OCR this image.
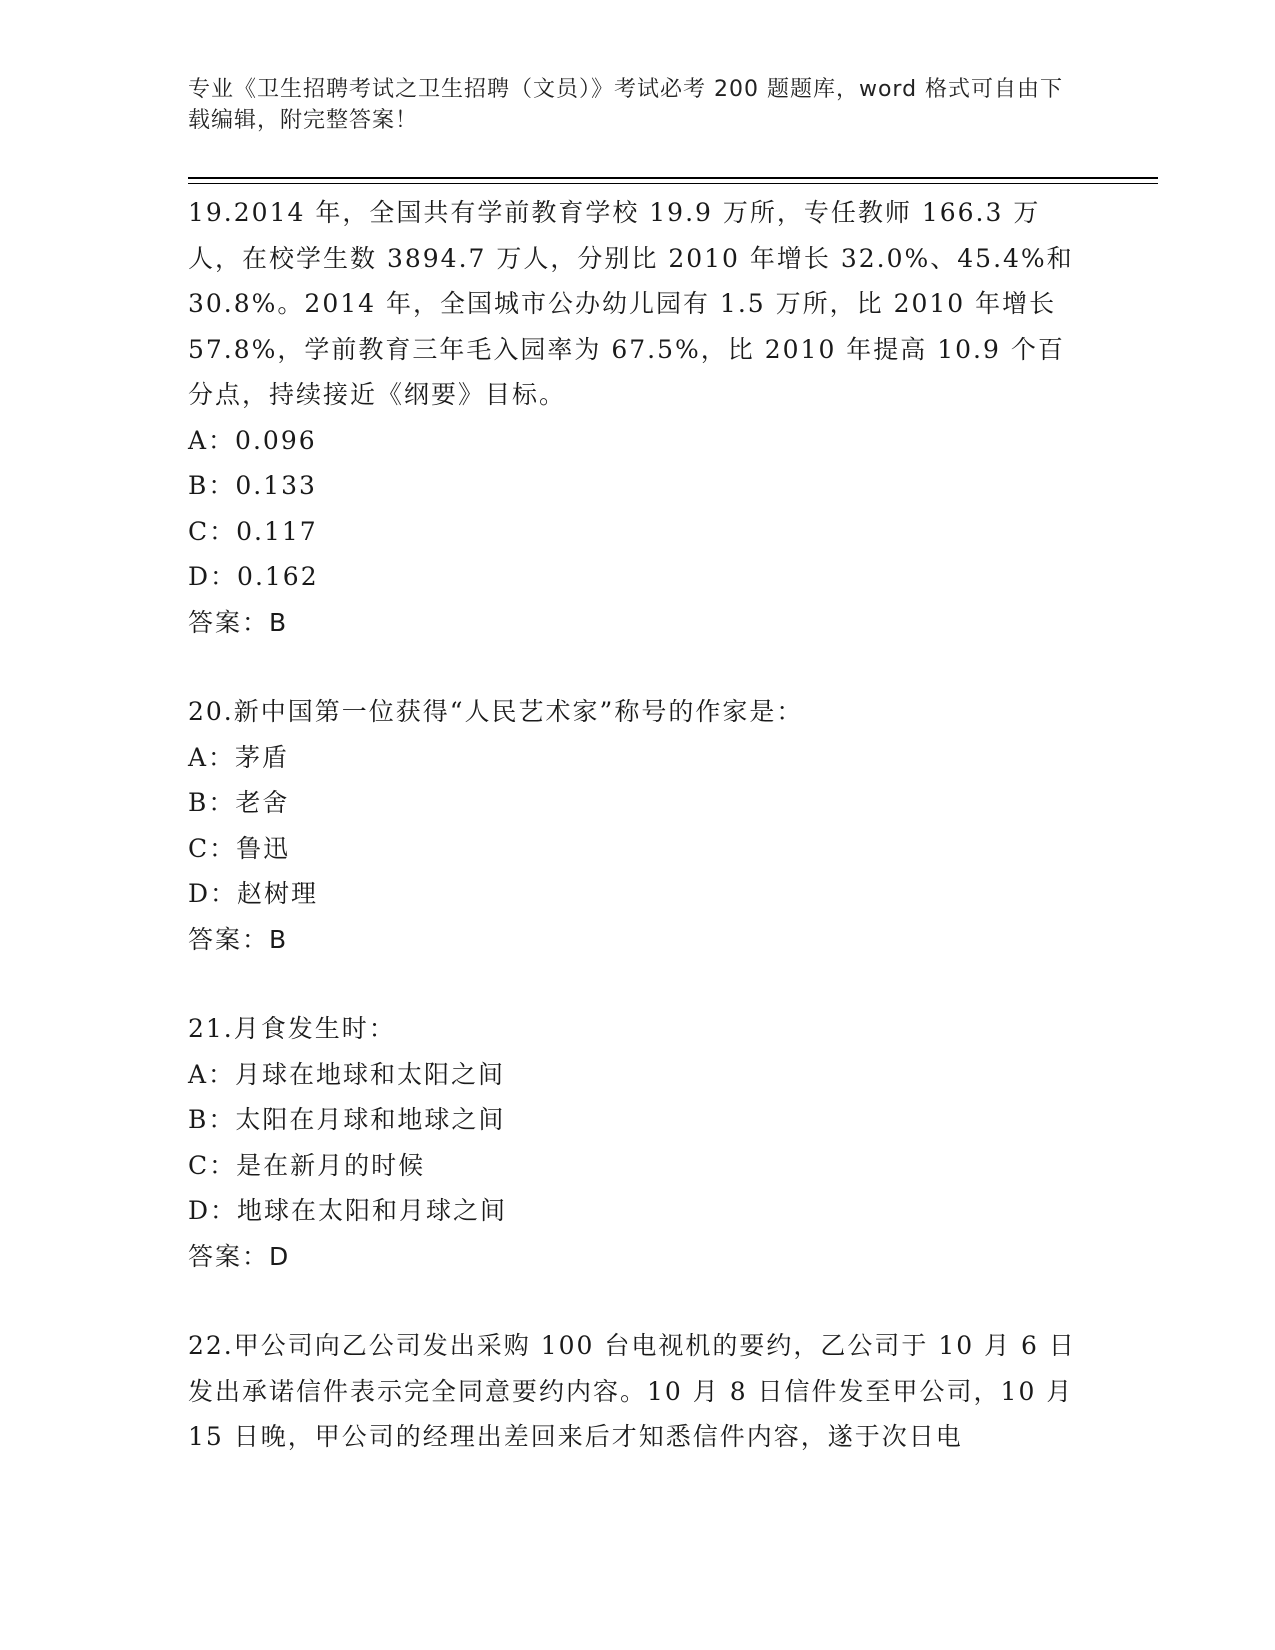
专业《卫生招聘考试之卫生招聘（文员）》考试必考 200 题题库，word 格式可自由下载编辑，附完整答案！

19.2014 年，全国共有学前教育学校 19.9 万所，专任教师 166.3 万人，在校学生数 3894.7 万人，分别比 2010 年增长 32.0%、45.4%和 30.8%。2014 年，全国城市公办幼儿园有 1.5 万所，比 2010 年增长 57.8%，学前教育三年毛入园率为 67.5%，比 2010 年提高 10.9 个百分点，持续接近《纲要》目标。

A：0.096

B：0.133

C：0.117

D：0.162

答案：B

20.新中国第一位获得“人民艺术家”称号的作家是：

A：茅盾

B：老舍

C：鲁迅

D：赵树理

答案：B

21.月食发生时：

A：月球在地球和太阳之间

B：太阳在月球和地球之间

C：是在新月的时候

D：地球在太阳和月球之间

答案：D

22.甲公司向乙公司发出采购 100 台电视机的要约，乙公司于 10 月 6 日发出承诺信件表示完全同意要约内容。10 月 8 日信件发至甲公司，10 月 15 日晚，甲公司的经理出差回来后才知悉信件内容，遂于次日电
